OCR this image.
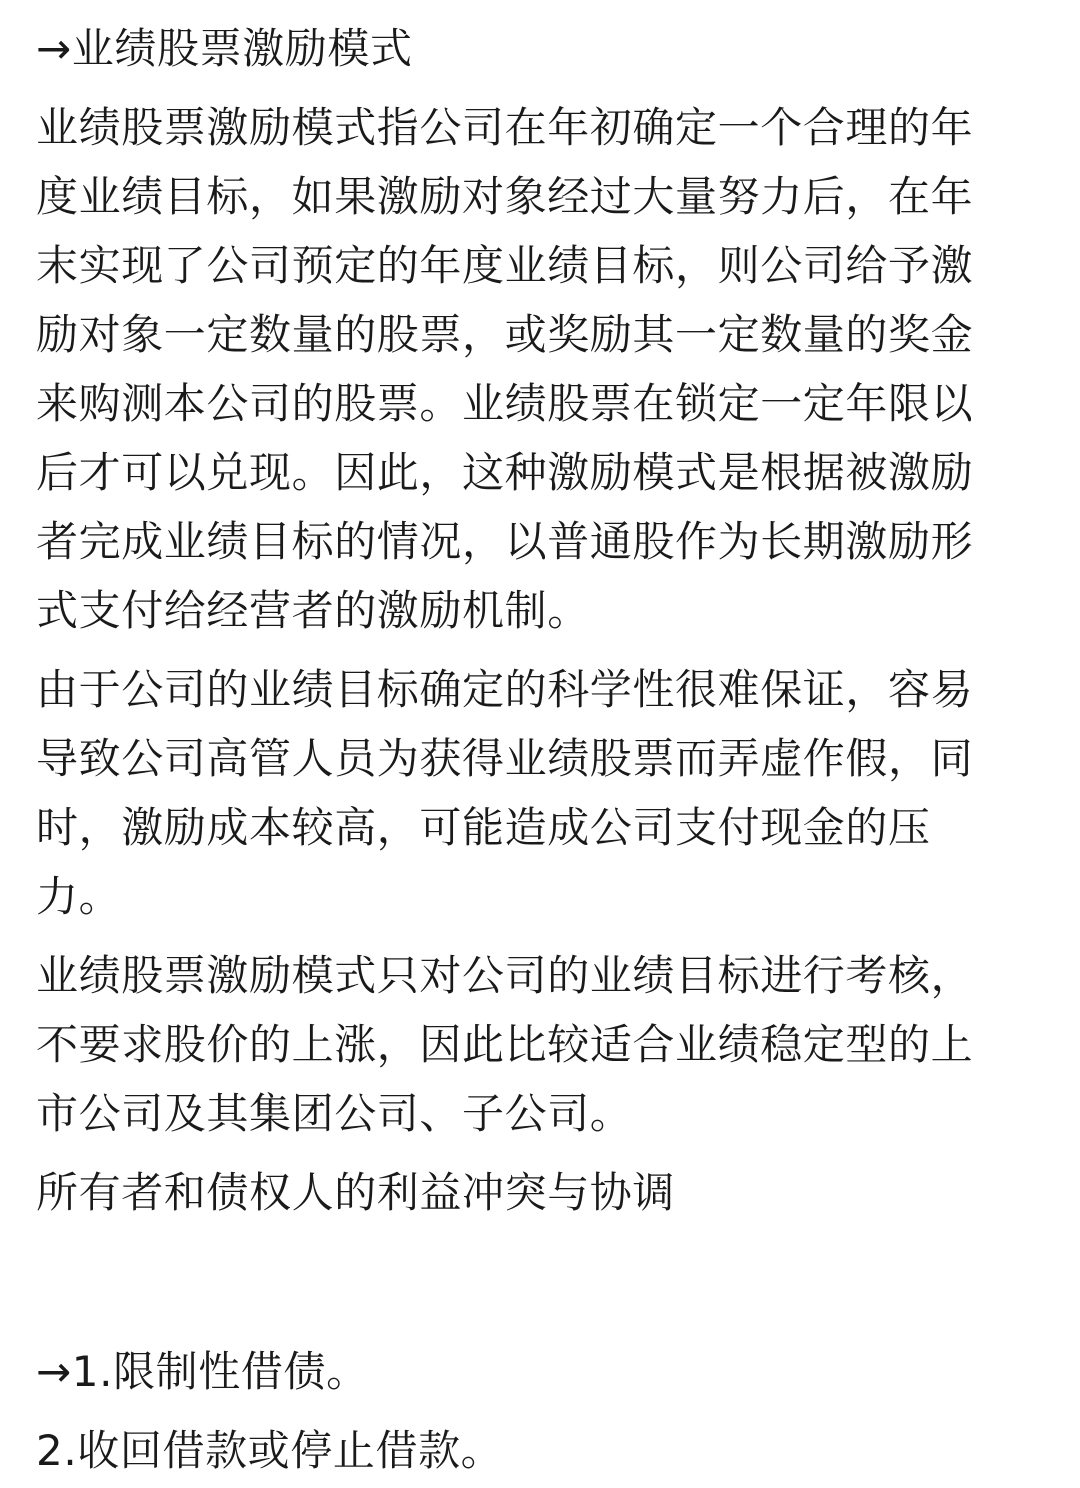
→业绩股票激励模式
业绩股票激励模式指公司在年初确定一个合理的年
度业绩目标，如果激励对象经过大量努力后，在年
末实现了公司预定的年度业绩目标，则公司给予激
励对象一定数量的股票，或奖励其一定数量的奖金
来购测本公司的股票。业绩股票在锁定一定年限以
后才可以兑现。因此，这种激励模式是根据被激励
者完成业绩目标的情况，以普通股作为长期激励形
式支付给经营者的激励机制。
由于公司的业绩目标确定的科学性很难保证，容易
导致公司高管人员为获得业绩股票而弄虚作假，同
时，激励成本较高，可能造成公司支付现金的压
力。
业绩股票激励模式只对公司的业绩目标进行考核，
不要求股价的上涨，因此比较适合业绩稳定型的上
市公司及其集团公司、子公司。
所有者和债权人的利益冲突与协调
→1.限制性借债。
2.收回借款或停止借款。
